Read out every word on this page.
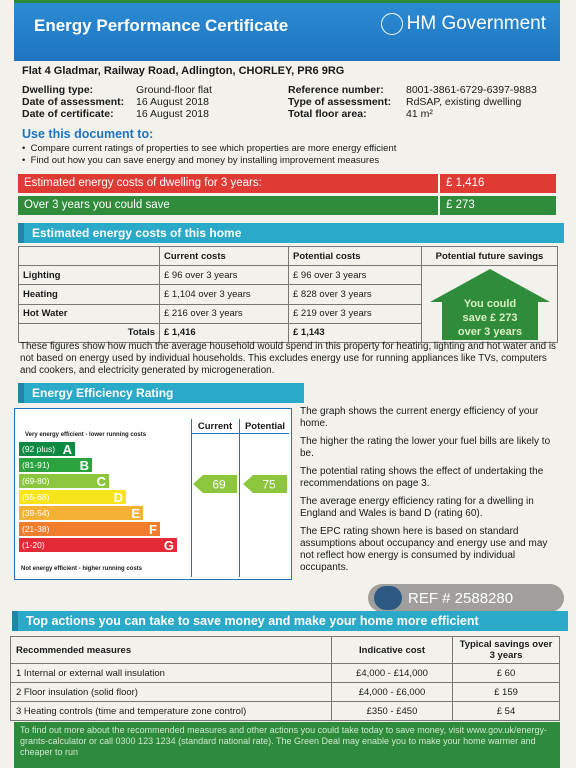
Energy Performance Certificate	HM Government
Flat 4 Gladmar, Railway Road, Adlington, CHORLEY, PR6 9RG
Dwelling type:	Ground-floor flat
Date of assessment:	16 August 2018
Date of certificate:	16 August 2018
Reference number:	8001-3861-6729-6397-9883
Type of assessment:	RdSAP, existing dwelling
Total floor area:	41 m²
Use this document to:
•  Compare current ratings of properties to see which properties are more energy efficient
•  Find out how you can save energy and money by installing improvement measures
Estimated energy costs of dwelling for 3 years:	£ 1,416
Over 3 years you could save	£ 273
Estimated energy costs of this home
	Current costs	Potential costs	Potential future savings
Lighting	£ 96 over 3 years	£ 96 over 3 years	You could
save £ 273
over 3 years

Heating	£ 1,104 over 3 years	£ 828 over 3 years	
Hot Water	£ 216 over 3 years	£ 219 over 3 years	
Totals	£ 1,416	£ 1,143	
These figures show how much the average household would spend in this property for heating, lighting and hot water and is not based on energy used by individual households. This excludes energy use for running appliances like TVs, computers and cookers, and electricity generated by microgeneration.
Energy Efficiency Rating
Current	Potential
Very energy efficient - lower running costs
(92 plus) A
(81-91) B
(69-80)	C
(55-68)	D
(39-54)	E
(21-38)	F
(1-20)	G
Not energy efficient - higher running costs
69	75
The graph shows the current energy efficiency of your home.
The higher the rating the lower your fuel bills are likely to be.
The potential rating shows the effect of undertaking the recommendations on page 3.
The average energy efficiency rating for a dwelling in England and Wales is band D (rating 60).
The EPC rating shown here is based on standard assumptions about occupancy and energy use and may not reflect how energy is consumed by individual occupants.
REF # 2588280
Top actions you can take to save money and make your home more efficient
Recommended measures	Indicative cost	Typical savings over 3 years
1 Internal or external wall insulation	£4,000 - £14,000	£ 60
2 Floor insulation (solid floor)	£4,000 - £6,000	£ 159
3 Heating controls (time and temperature zone control)	£350 - £450	£ 54
To find out more about the recommended measures and other actions you could take today to save money, visit www.gov.uk/energy-grants-calculator or call 0300 123 1234 (standard national rate). The Green Deal may enable you to make your home warmer and cheaper to run
